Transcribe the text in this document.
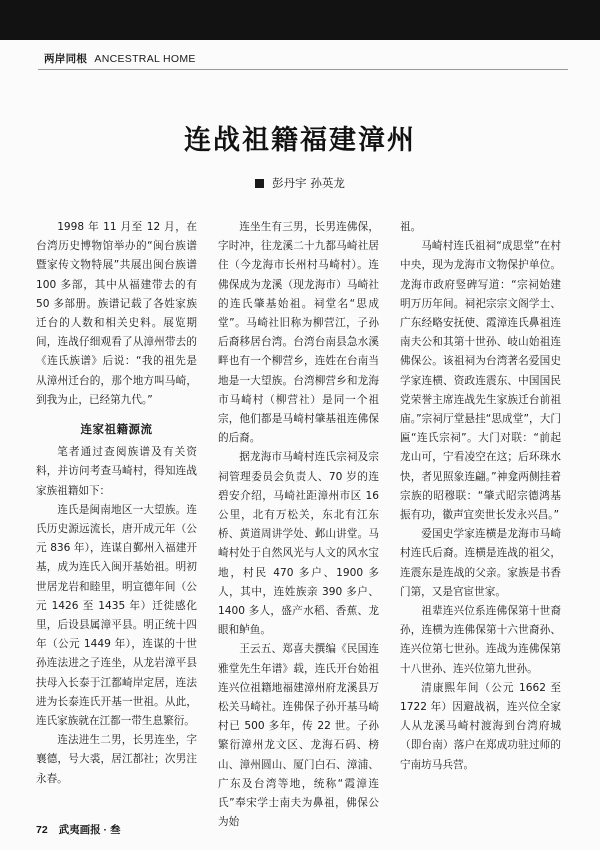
两岸同根 ANCESTRAL HOME
连战祖籍福建漳州
彭丹宇 孙英龙

1998 年 11 月至 12 月，在台湾历史博物馆举办的“闽台族谱暨家传文物特展”共展出闽台族谱 100 多部，其中从福建带去的有 50 多部册。族谱记载了各姓家族迁台的人数和相关史料。展览期间，连战仔细观看了从漳州带去的《连氏族谱》后说：“我的祖先是从漳州迁台的，那个地方叫马崎，到我为止，已经第九代。”

连家祖籍源流

笔者通过查阅族谱及有关资料，并访问考查马崎村，得知连战家族祖籍如下：

连氏是闽南地区一大望族。连氏历史源远流长，唐开成元年（公元 836 年），连谋自鄞州入福建开基，成为连氏入闽开基始祖。明初世居龙岩和睦里，明宣德年间（公元 1426 至 1435 年）迁徙感化里，后设县属漳平县。明正统十四年（公元 1449 年），连谋的十世孙连法进之子连坐，从龙岩漳平县扶母入长泰于江都崎岸定居，连法进为长泰连氏开基一世祖。从此，连氏家族就在江都一带生息繁衍。

连法进生二男，长男连坐，字襄德，号大裘，居江都社；次男注永春。

连坐生有三男，长男连佛保，字时冲，往龙溪二十九都马崎社居住（今龙海市长州村马崎村）。连佛保成为龙溪（现龙海市）马崎社的连氏肇基始祖。祠堂名“思成堂”。马崎社旧称为柳营江，子孙后裔移居台湾。台湾台南县急水溪畔也有一个柳营乡，连姓在台南当地是一大望族。台湾柳营乡和龙海市马崎村（柳营社）是同一个祖宗，他们都是马崎村肇基祖连佛保的后裔。

据龙海市马崎村连氏宗祠及宗祠管理委员会负责人、70 岁的连碧安介绍，马崎社距漳州市区 16 公里，北有万松关，东北有江东桥、黄道周讲学处、邺山讲堂。马崎村处于自然风光与人文的风水宝地，村民 470 多户、1900 多人，其中，连姓族亲 390 多户、1400 多人，盛产水稻、香蕉、龙眼和鲈鱼。

王云五、郑喜夫撰编《民国连雅堂先生年谱》载，连氏开台始祖连兴位祖籍地福建漳州府龙溪县万松关马崎社。连佛保子孙开基马崎村已 500 多年，传 22 世。子孙繁衍漳州龙文区、龙海石码、榜山、漳州圆山、厦门白石、漳浦、广东及台湾等地，统称“霞漳连氏”奉宋学士南夫为鼻祖，佛保公为始

祖。

马崎村连氏祖祠“成思堂”在村中央，现为龙海市文物保护单位。龙海市政府竖碑写道：“宗祠始建明万历年间。祠祀宗宗文阁学士、广东经略安抚使、霞漳连氏鼻祖连南夫公和其第十世孙、岐山始祖连佛保公。该祖祠为台湾著名爱国史学家连横、资政连震东、中国国民党荣誉主席连战先生家族迁台前祖庙。”宗祠厅堂悬挂“思成堂”，大门匾“连氏宗祠”。大门对联：“前起龙山可，宁看凌空在这；后环珠水快，者见照象连翩。”神龛两侧挂着宗族的昭穆联：“肇式昭宗德鸿基振有功，徽声宜奕世长发永兴昌。”

爱国史学家连横是龙海市马崎村连氏后裔。连横是连战的祖父，连震东是连战的父亲。家族是书香门第，又是官宦世家。

祖辈连兴位系连佛保第十世裔孙，连横为连佛保第十六世裔孙、连兴位第七世孙。连战为连佛保第十八世孙、连兴位第九世孙。

清康熙年间（公元 1662 至 1722 年）因避战祸，连兴位全家人从龙溪马崎村渡海到台湾府城（即台南）落户在郑成功驻过师的宁南坊马兵营。

72 武夷画报 · 叁
